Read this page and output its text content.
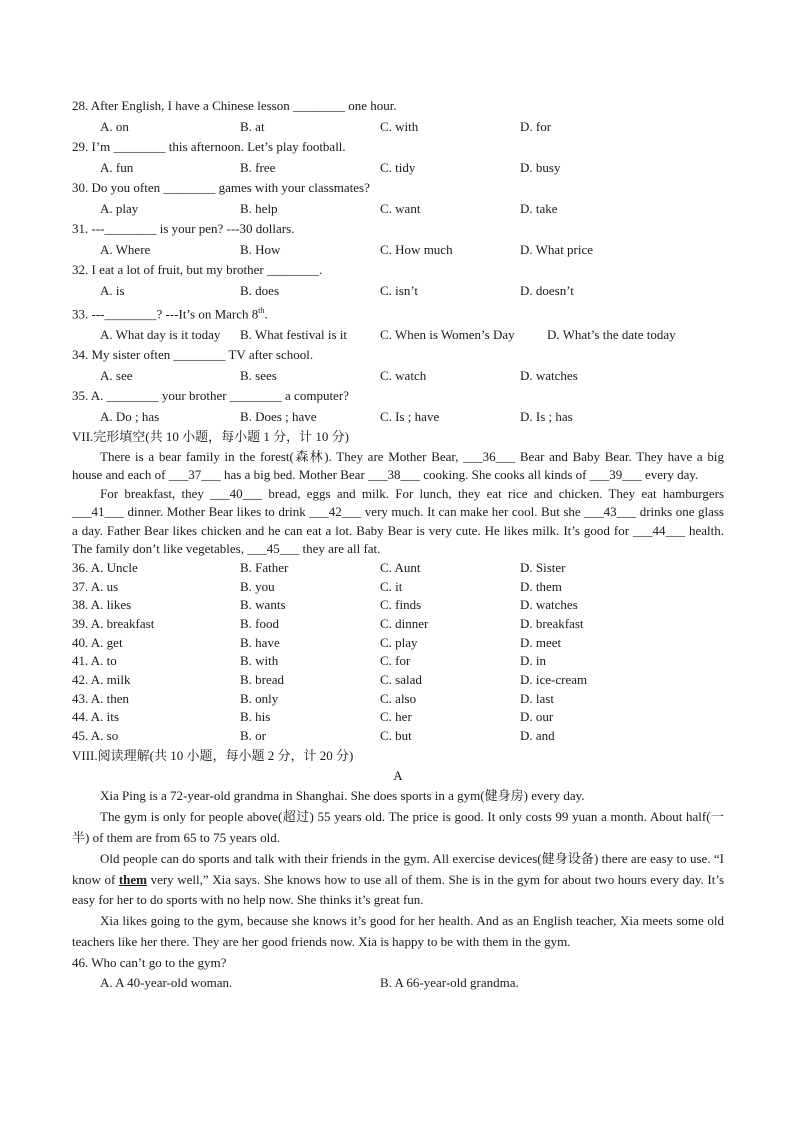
28. After English, I have a Chinese lesson ________ one hour.
A. on	B. at	C. with	D. for
29. I’m ________ this afternoon. Let’s play football.
A. fun	B. free	C. tidy	D. busy
30. Do you often ________ games with your classmates?
A. play	B. help	C. want	D. take
31. ---________ is your pen? ---30 dollars.
A. Where	B. How	C. How much	D. What price
32. I eat a lot of fruit, but my brother ________.
A. is	B. does	C. isn’t	D. doesn’t
33. ---________? ---It’s on March 8th.
A. What day is it today	B. What festival is it	C. When is Women’s Day	D. What’s the date today
34. My sister often ________ TV after school.
A. see	B. sees	C. watch	D. watches
35. A. ________ your brother ________ a computer?
A. Do ; has	B. Does ; have	C. Is ; have	D. Is ; has
VII.完形填空(共 10 小题，每小题 1 分，计 10 分)

There is a bear family in the forest(森林). They are Mother Bear, ___36___ Bear and Baby Bear. They have a big house and each of ___37___ has a big bed. Mother Bear ___38___ cooking. She cooks all kinds of ___39___ every day.

For breakfast, they ___40___ bread, eggs and milk. For lunch, they eat rice and chicken. They eat hamburgers ___41___ dinner. Mother Bear likes to drink ___42___ very much. It can make her cool. But she ___43___ drinks one glass a day. Father Bear likes chicken and he can eat a lot. Baby Bear is very cute. He likes milk. It’s good for ___44___ health. The family don’t like vegetables, ___45___ they are all fat.

36. A. Uncle	B. Father	C. Aunt	D. Sister
37. A. us	B. you	C. it	D. them
38. A. likes	B. wants	C. finds	D. watches
39. A. breakfast	B. food	C. dinner	D. breakfast
40. A. get	B. have	C. play	D. meet
41. A. to	B. with	C. for	D. in
42. A. milk	B. bread	C. salad	D. ice-cream
43. A. then	B. only	C. also	D. last
44. A. its	B. his	C. her	D. our
45. A. so	B. or	C. but	D. and
VIII.阅读理解(共 10 小题，每小题 2 分，计 20 分)
A

Xia Ping is a 72-year-old grandma in Shanghai. She does sports in a gym(健身房) every day.

The gym is only for people above(超过) 55 years old. The price is good. It only costs 99 yuan a month. About half(一半) of them are from 65 to 75 years old.

Old people can do sports and talk with their friends in the gym. All exercise devices(健身设备) there are easy to use. “I know of them very well,” Xia says. She knows how to use all of them. She is in the gym for about two hours every day. It’s easy for her to do sports with no help now. She thinks it’s great fun.

Xia likes going to the gym, because she knows it’s good for her health. And as an English teacher, Xia meets some old teachers like her there. They are her good friends now. Xia is happy to be with them in the gym.

46. Who can’t go to the gym?
A. A 40-year-old woman.	B. A 66-year-old grandma.
